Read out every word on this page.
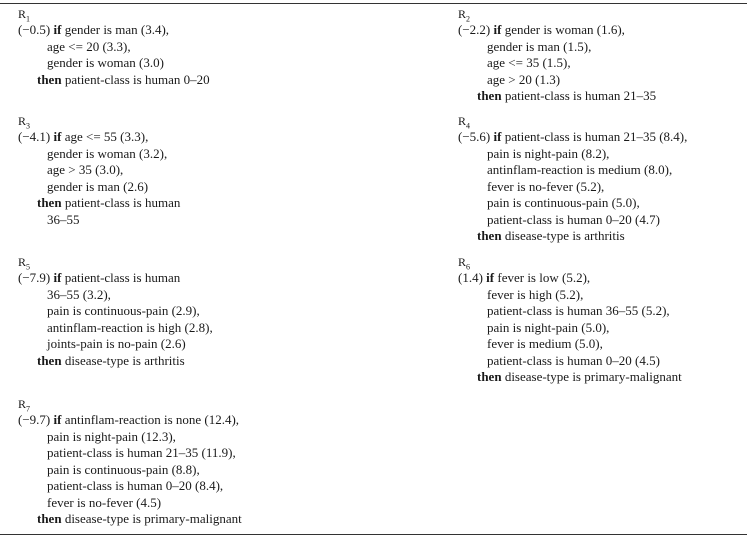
$R_1$
(−0.5) if gender is man (3.4),
age <= 20 (3.3),
gender is woman (3.0)
then patient-class is human 0–20
$R_3$
(−4.1) if age <= 55 (3.3),
gender is woman (3.2),
age > 35 (3.0),
gender is man (2.6)
then patient-class is human
36–55
$R_5$
(−7.9) if patient-class is human
36–55 (3.2),
pain is continuous-pain (2.9),
antinflam-reaction is high (2.8),
joints-pain is no-pain (2.6)
then disease-type is arthritis
$R_7$
(−9.7) if antinflam-reaction is none (12.4),
pain is night-pain (12.3),
patient-class is human 21–35 (11.9),
pain is continuous-pain (8.8),
patient-class is human 0–20 (8.4),
fever is no-fever (4.5)
then disease-type is primary-malignant
$R_2$
(−2.2) if gender is woman (1.6),
gender is man (1.5),
age <= 35 (1.5),
age > 20 (1.3)
then patient-class is human 21–35
$R_4$
(−5.6) if patient-class is human 21–35 (8.4),
pain is night-pain (8.2),
antinflam-reaction is medium (8.0),
fever is no-fever (5.2),
pain is continuous-pain (5.0),
patient-class is human 0–20 (4.7)
then disease-type is arthritis
$R_6$
(1.4) if fever is low (5.2),
fever is high (5.2),
patient-class is human 36–55 (5.2),
pain is night-pain (5.0),
fever is medium (5.0),
patient-class is human 0–20 (4.5)
then disease-type is primary-malignant
